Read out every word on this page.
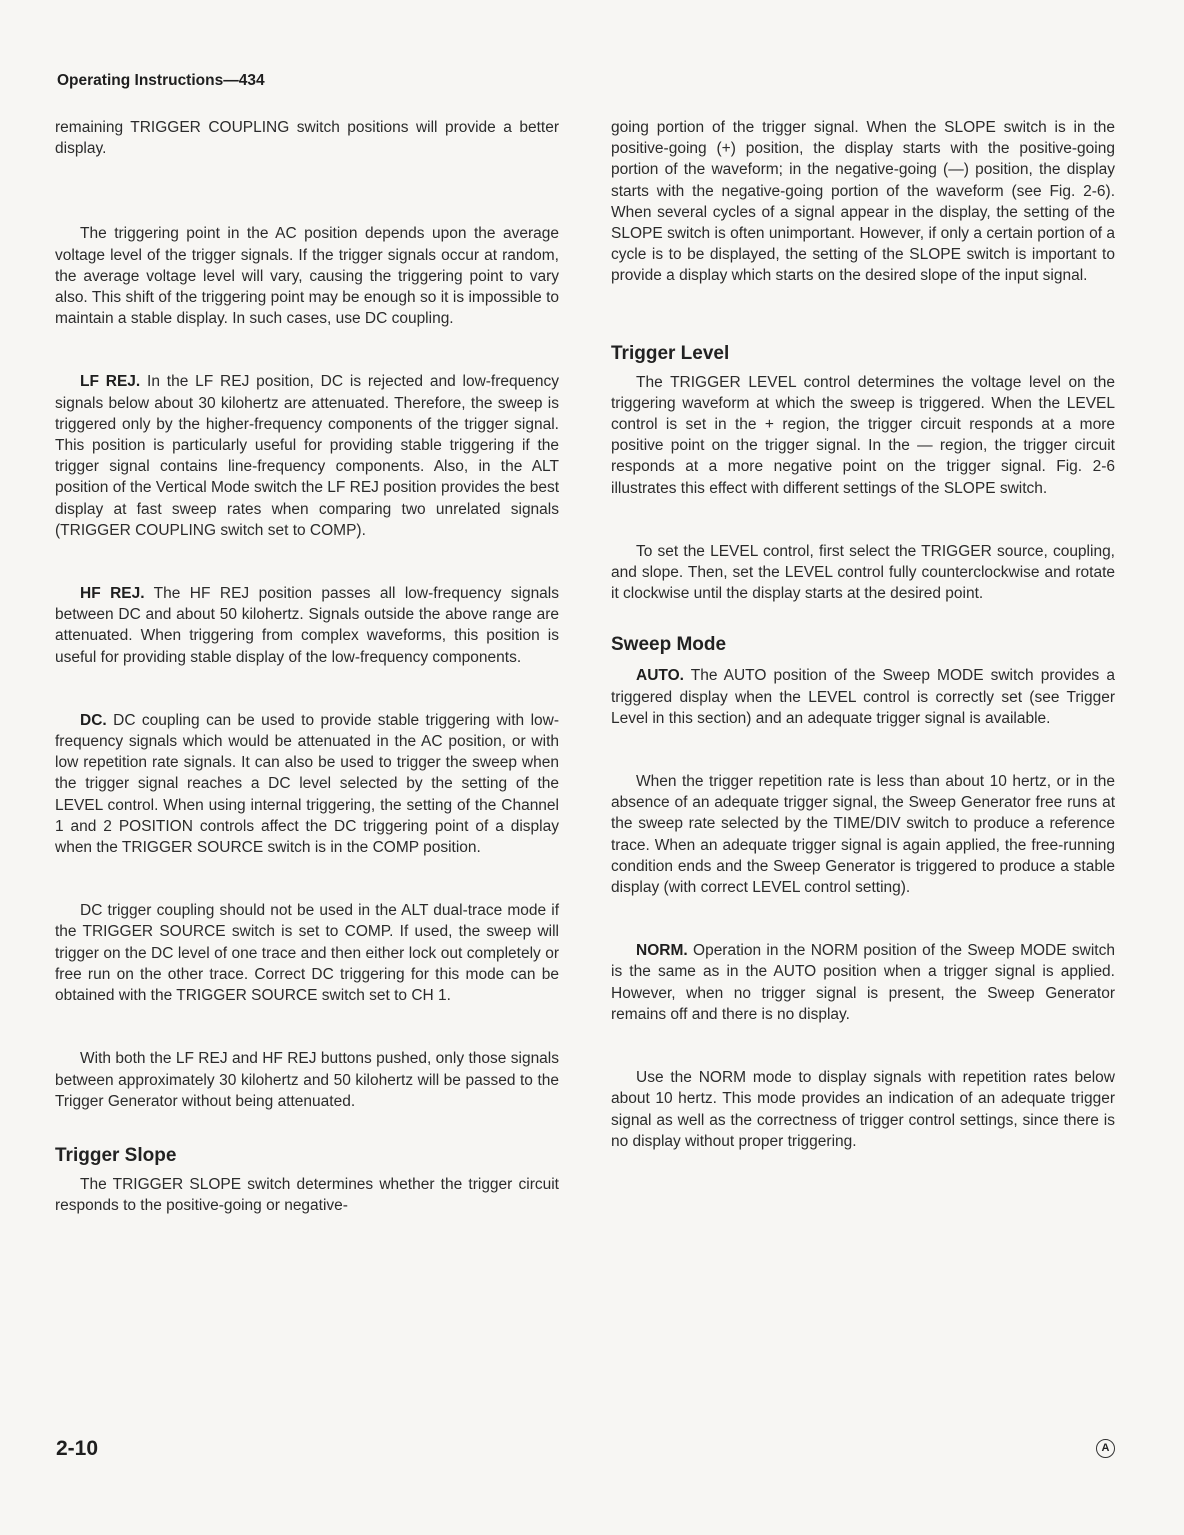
Operating Instructions—434

remaining TRIGGER COUPLING switch positions will provide a better display.

The triggering point in the AC position depends upon the average voltage level of the trigger signals. If the trigger signals occur at random, the average voltage level will vary, causing the triggering point to vary also. This shift of the triggering point may be enough so it is impossible to maintain a stable display. In such cases, use DC coupling.

LF REJ. In the LF REJ position, DC is rejected and low-frequency signals below about 30 kilohertz are attenuated. Therefore, the sweep is triggered only by the higher-frequency components of the trigger signal. This position is particularly useful for providing stable triggering if the trigger signal contains line-frequency components. Also, in the ALT position of the Vertical Mode switch the LF REJ position provides the best display at fast sweep rates when comparing two unrelated signals (TRIGGER COUPLING switch set to COMP).

HF REJ. The HF REJ position passes all low-frequency signals between DC and about 50 kilohertz. Signals outside the above range are attenuated. When triggering from complex waveforms, this position is useful for providing stable display of the low-frequency components.

DC. DC coupling can be used to provide stable triggering with low-frequency signals which would be attenuated in the AC position, or with low repetition rate signals. It can also be used to trigger the sweep when the trigger signal reaches a DC level selected by the setting of the LEVEL control. When using internal triggering, the setting of the Channel 1 and 2 POSITION controls affect the DC triggering point of a display when the TRIGGER SOURCE switch is in the COMP position.

DC trigger coupling should not be used in the ALT dual-trace mode if the TRIGGER SOURCE switch is set to COMP. If used, the sweep will trigger on the DC level of one trace and then either lock out completely or free run on the other trace. Correct DC triggering for this mode can be obtained with the TRIGGER SOURCE switch set to CH 1.

With both the LF REJ and HF REJ buttons pushed, only those signals between approximately 30 kilohertz and 50 kilohertz will be passed to the Trigger Generator without being attenuated.

Trigger Slope

The TRIGGER SLOPE switch determines whether the trigger circuit responds to the positive-going or negative-

going portion of the trigger signal. When the SLOPE switch is in the positive-going (+) position, the display starts with the positive-going portion of the waveform; in the negative-going (—) position, the display starts with the negative-going portion of the waveform (see Fig. 2-6). When several cycles of a signal appear in the display, the setting of the SLOPE switch is often unimportant. However, if only a certain portion of a cycle is to be displayed, the setting of the SLOPE switch is important to provide a display which starts on the desired slope of the input signal.

Trigger Level

The TRIGGER LEVEL control determines the voltage level on the triggering waveform at which the sweep is triggered. When the LEVEL control is set in the + region, the trigger circuit responds at a more positive point on the trigger signal. In the — region, the trigger circuit responds at a more negative point on the trigger signal. Fig. 2-6 illustrates this effect with different settings of the SLOPE switch.

To set the LEVEL control, first select the TRIGGER source, coupling, and slope. Then, set the LEVEL control fully counterclockwise and rotate it clockwise until the display starts at the desired point.

Sweep Mode

AUTO. The AUTO position of the Sweep MODE switch provides a triggered display when the LEVEL control is correctly set (see Trigger Level in this section) and an adequate trigger signal is available.

When the trigger repetition rate is less than about 10 hertz, or in the absence of an adequate trigger signal, the Sweep Generator free runs at the sweep rate selected by the TIME/DIV switch to produce a reference trace. When an adequate trigger signal is again applied, the free-running condition ends and the Sweep Generator is triggered to produce a stable display (with correct LEVEL control setting).

NORM. Operation in the NORM position of the Sweep MODE switch is the same as in the AUTO position when a trigger signal is applied. However, when no trigger signal is present, the Sweep Generator remains off and there is no display.

Use the NORM mode to display signals with repetition rates below about 10 hertz. This mode provides an indication of an adequate trigger signal as well as the correctness of trigger control settings, since there is no display without proper triggering.

2-10	A
